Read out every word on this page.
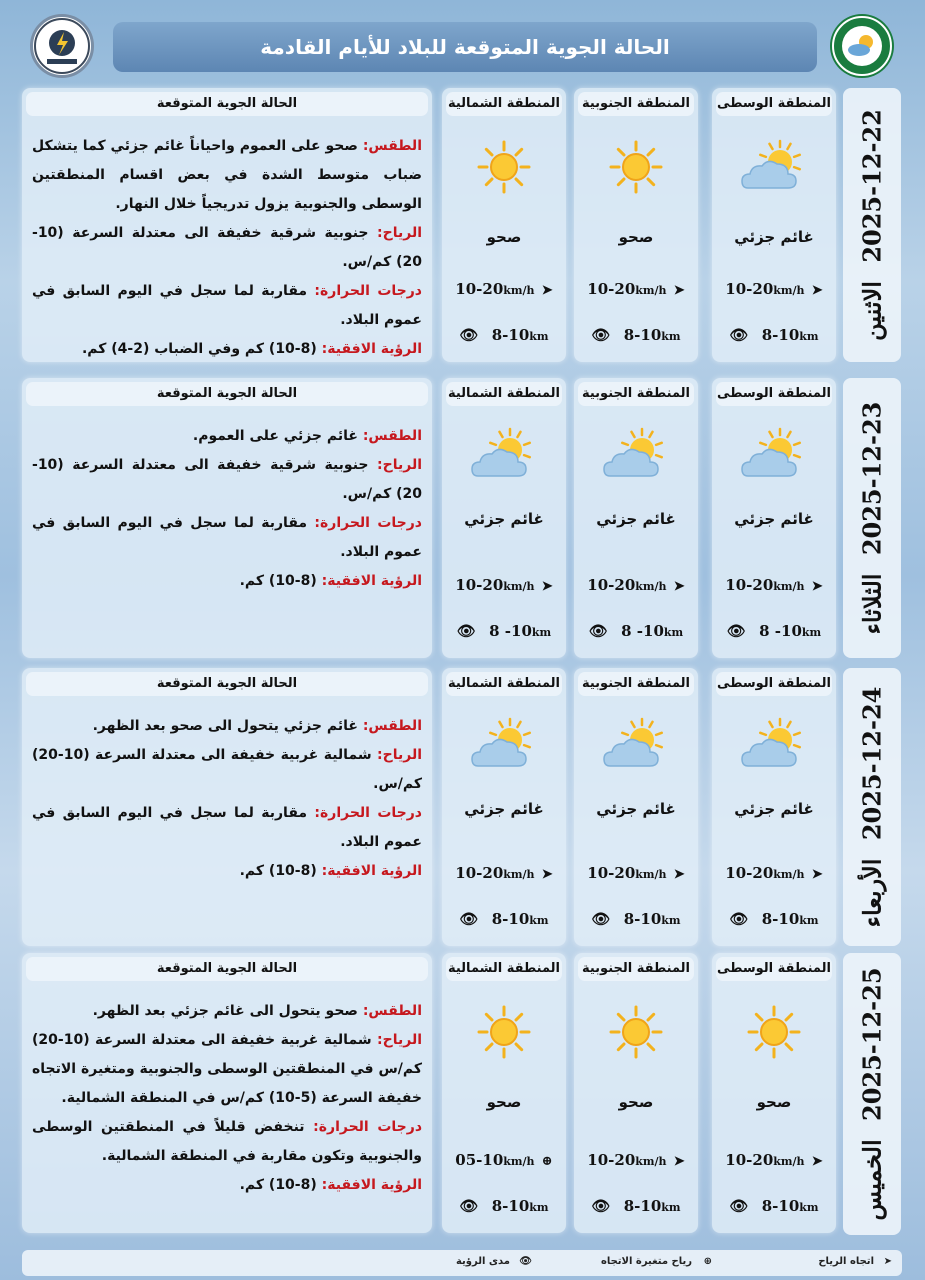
الحالة الجوية المتوقعة للبلاد للأيام القادمة
2025-12-22 الاثنين
المنطقة الوسطى
غائم جزئي
10-20km/h ➤
👁 8-10km
المنطقة الجنوبية
صحو
10-20km/h ➤
👁 8-10km
المنطقة الشمالية
صحو
10-20km/h ➤
👁 8-10km
الحالة الجوية المتوقعة
الطقس: صحو على العموم واحياناً غائم جزئي كما يتشكل ضباب متوسط الشدة في بعض اقسام المنطقتين الوسطى والجنوبية يزول تدريجياً خلال النهار.
الرياح: جنوبية شرقية خفيفة الى معتدلة السرعة (10-20) كم/س.
درجات الحرارة: مقاربة لما سجل في اليوم السابق في عموم البلاد.
الرؤية الافقية: (8-10) كم وفي الضباب (2-4) كم.
2025-12-23 الثلاثاء
المنطقة الوسطى
غائم جزئي
10-20km/h ➤
👁 8 -10km
المنطقة الجنوبية
غائم جزئي
10-20km/h ➤
👁 8 -10km
المنطقة الشمالية
غائم جزئي
10-20km/h ➤
👁 8 -10km
الحالة الجوية المتوقعة
الطقس: غائم جزئي على العموم.
الرياح: جنوبية شرقية خفيفة الى معتدلة السرعة (10-20) كم/س.
درجات الحرارة: مقاربة لما سجل في اليوم السابق في عموم البلاد.
الرؤية الافقية: (8-10) كم.
2025-12-24 الأربعاء
المنطقة الوسطى
غائم جزئي
10-20km/h ➤
👁 8-10km
المنطقة الجنوبية
غائم جزئي
10-20km/h ➤
👁 8-10km
المنطقة الشمالية
غائم جزئي
10-20km/h ➤
👁 8-10km
الحالة الجوية المتوقعة
الطقس: غائم جزئي يتحول الى صحو بعد الظهر.
الرياح: شمالية غربية خفيفة الى معتدلة السرعة (10-20) كم/س.
درجات الحرارة: مقاربة لما سجل في اليوم السابق في عموم البلاد.
الرؤية الافقية: (8-10) كم.
2025-12-25 الخميس
المنطقة الوسطى
صحو
10-20km/h ➤
👁 8-10km
المنطقة الجنوبية
صحو
10-20km/h ➤
👁 8-10km
المنطقة الشمالية
صحو
05-10km/h ⊕
👁 8-10km
الحالة الجوية المتوقعة
الطقس: صحو يتحول الى غائم جزئي بعد الظهر.
الرياح: شمالية غربية خفيفة الى معتدلة السرعة (10-20) كم/س في المنطقتين الوسطى والجنوبية ومتغيرة الاتجاه خفيفة السرعة (5-10) كم/س في المنطقة الشمالية.
درجات الحرارة: تنخفض قليلاً في المنطقتين الوسطى والجنوبية وتكون مقاربة في المنطقة الشمالية.
الرؤية الافقية: (8-10) كم.
➤
اتجاه الرياح
⊕
رياح متغيرة الاتجاه
👁
مدى الرؤية
